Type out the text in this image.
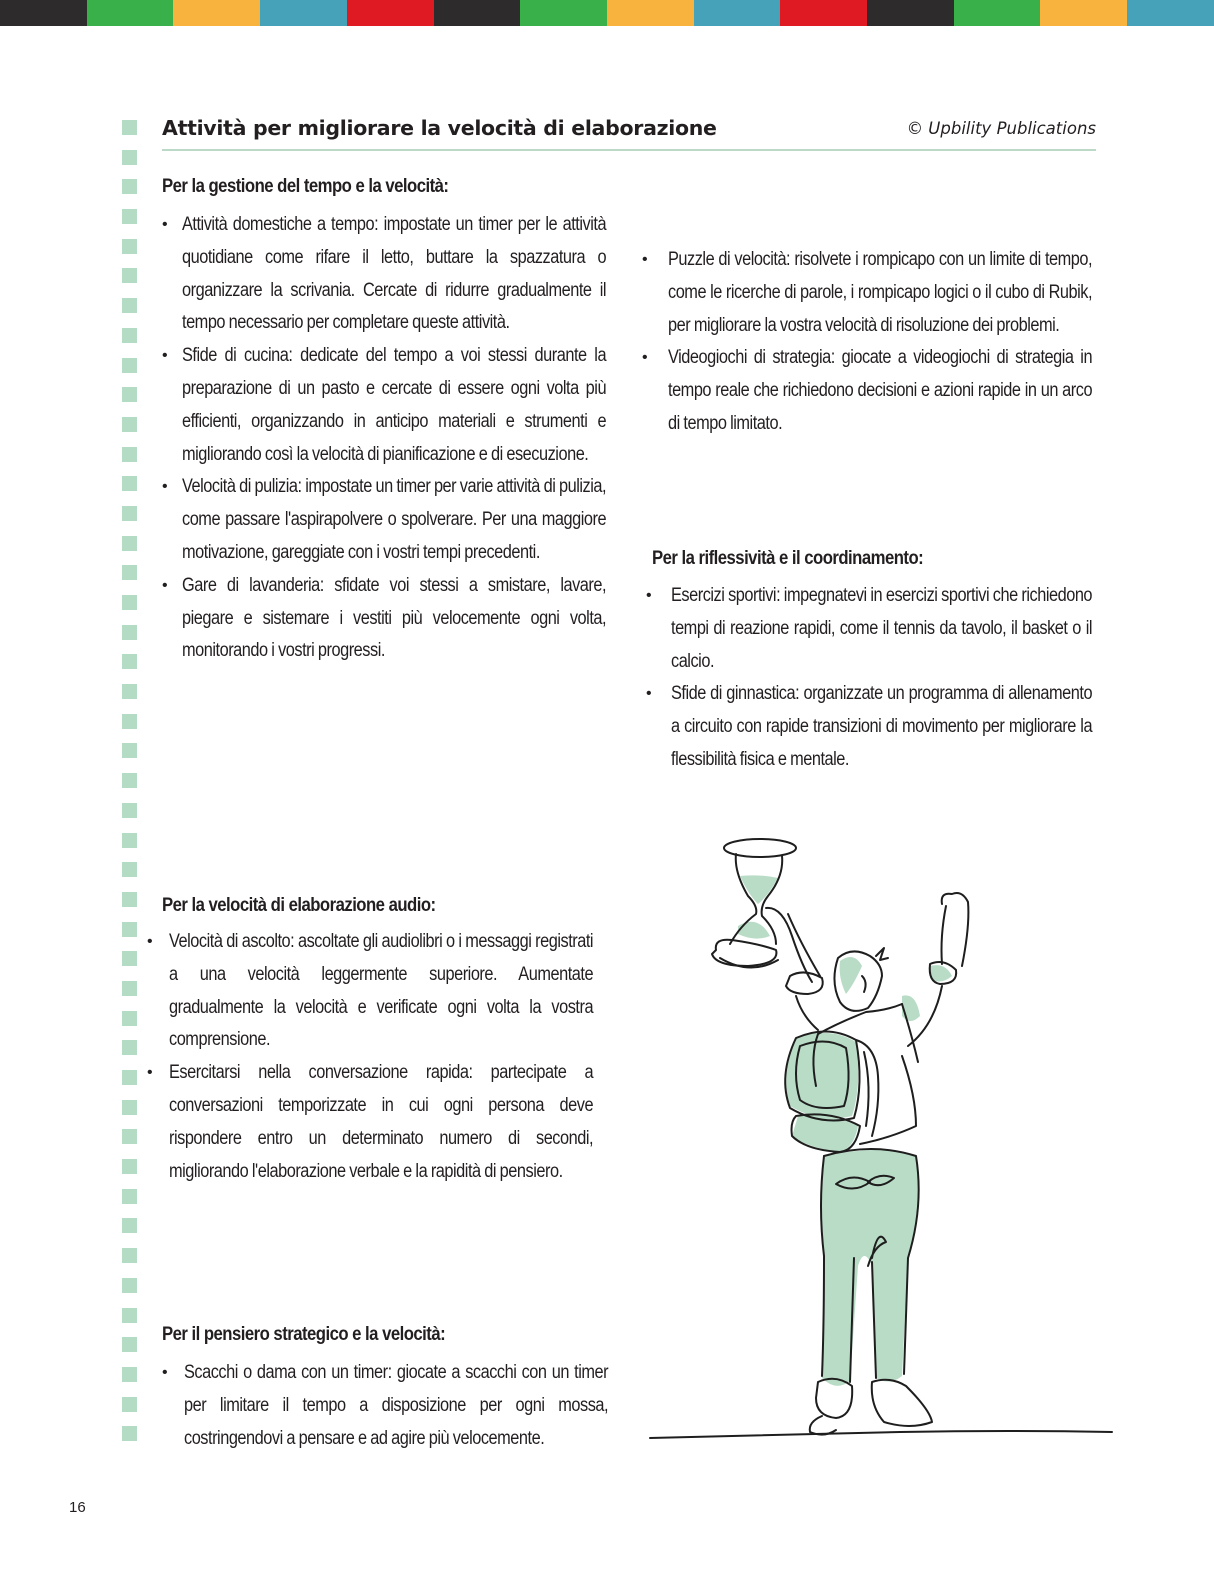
Attività per migliorare la velocità di elaborazione	© Upbility Publications
Per la gestione del tempo e la velocità:
• Attività domestiche a tempo: impostate un timer per le attività quotidiane come rifare il letto, buttare la spazzatura o organizzare la scrivania. Cercate di ridurre gradualmente il tempo necessario per completare queste attività.
• Sfide di cucina: dedicate del tempo a voi stessi durante la preparazione di un pasto e cercate di essere ogni volta più efficienti, organizzando in anticipo materiali e strumenti e migliorando così la velocità di pianificazione e di esecuzione.
• Velocità di pulizia: impostate un timer per varie attività di pulizia, come passare l'aspirapolvere o spolverare. Per una maggiore motivazione, gareggiate con i vostri tempi precedenti.
• Gare di lavanderia: sfidate voi stessi a smistare, lavare, piegare e sistemare i vestiti più velocemente ogni volta, monitorando i vostri progressi.
• Puzzle di velocità: risolvete i rompicapo con un limite di tempo, come le ricerche di parole, i rompicapo logici o il cubo di Rubik, per migliorare la vostra velocità di risoluzione dei problemi.
• Videogiochi di strategia: giocate a videogiochi di strategia in tempo reale che richiedono decisioni e azioni rapide in un arco di tempo limitato.
Per la riflessività e il coordinamento:
• Esercizi sportivi: impegnatevi in esercizi sportivi che richiedono tempi di reazione rapidi, come il tennis da tavolo, il basket o il calcio.
• Sfide di ginnastica: organizzate un programma di allenamento a circuito con rapide transizioni di movimento per migliorare la flessibilità fisica e mentale.
Per la velocità di elaborazione audio:
• Velocità di ascolto: ascoltate gli audiolibri o i messaggi registrati a una velocità leggermente superiore. Aumentate gradualmente la velocità e verificate ogni volta la vostra comprensione.
• Esercitarsi nella conversazione rapida: partecipate a conversazioni temporizzate in cui ogni persona deve rispondere entro un determinato numero di secondi, migliorando l'elaborazione verbale e la rapidità di pensiero.
Per il pensiero strategico e la velocità:
• Scacchi o dama con un timer: giocate a scacchi con un timer per limitare il tempo a disposizione per ogni mossa, costringendovi a pensare e ad agire più velocemente.
16
